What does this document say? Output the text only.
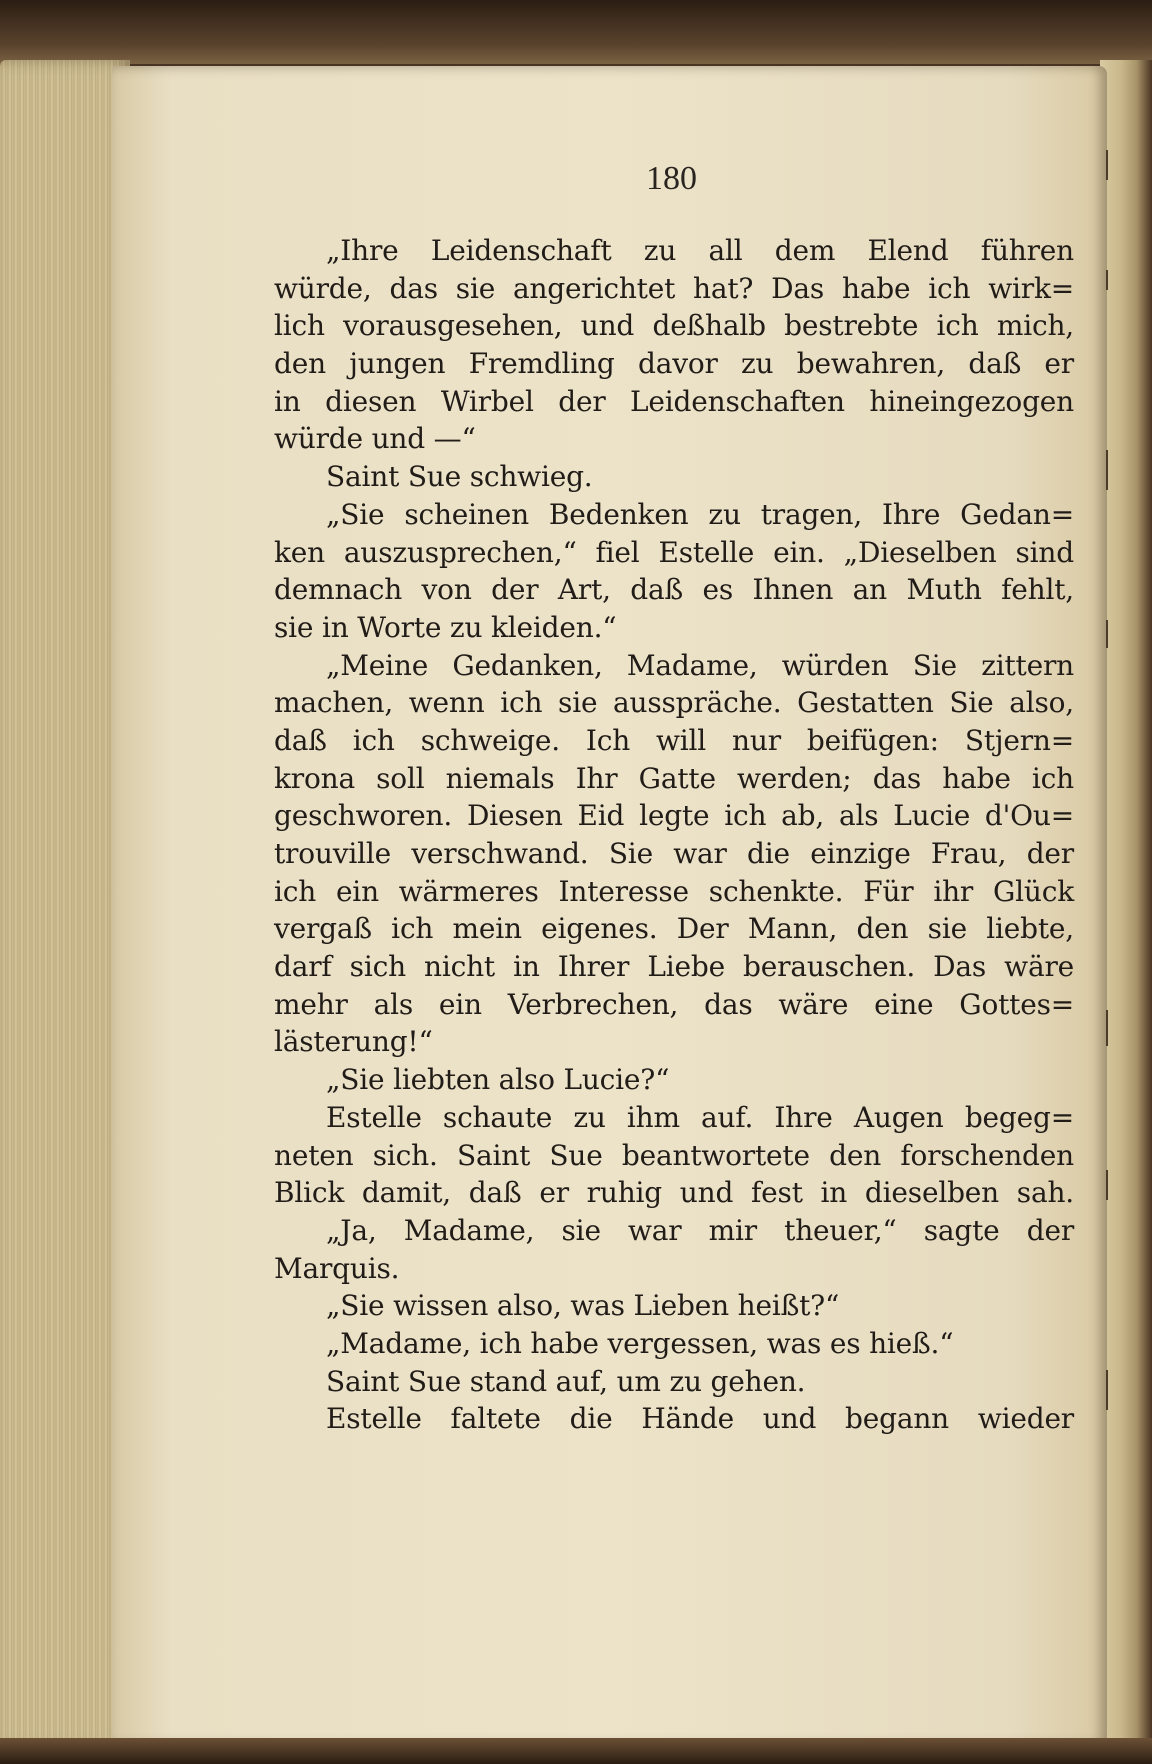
180
„Ihre Leidenschaft zu all dem Elend führen
würde, das sie angerichtet hat? Das habe ich wirk=
lich vorausgesehen, und deßhalb bestrebte ich mich,
den jungen Fremdling davor zu bewahren, daß er
in diesen Wirbel der Leidenschaften hineingezogen
würde und —“
Saint Sue schwieg.
„Sie scheinen Bedenken zu tragen, Ihre Gedan=
ken auszusprechen,“ fiel Estelle ein. „Dieselben sind
demnach von der Art, daß es Ihnen an Muth fehlt,
sie in Worte zu kleiden.“
„Meine Gedanken, Madame, würden Sie zittern
machen, wenn ich sie ausspräche. Gestatten Sie also,
daß ich schweige. Ich will nur beifügen: Stjern=
krona soll niemals Ihr Gatte werden; das habe ich
geschworen. Diesen Eid legte ich ab, als Lucie d'Ou=
trouville verschwand. Sie war die einzige Frau, der
ich ein wärmeres Interesse schenkte. Für ihr Glück
vergaß ich mein eigenes. Der Mann, den sie liebte,
darf sich nicht in Ihrer Liebe berauschen. Das wäre
mehr als ein Verbrechen, das wäre eine Gottes=
lästerung!“
„Sie liebten also Lucie?“
Estelle schaute zu ihm auf. Ihre Augen begeg=
neten sich. Saint Sue beantwortete den forschenden
Blick damit, daß er ruhig und fest in dieselben sah.
„Ja, Madame, sie war mir theuer,“ sagte der
Marquis.
„Sie wissen also, was Lieben heißt?“
„Madame, ich habe vergessen, was es hieß.“
Saint Sue stand auf, um zu gehen.
Estelle faltete die Hände und begann wieder
